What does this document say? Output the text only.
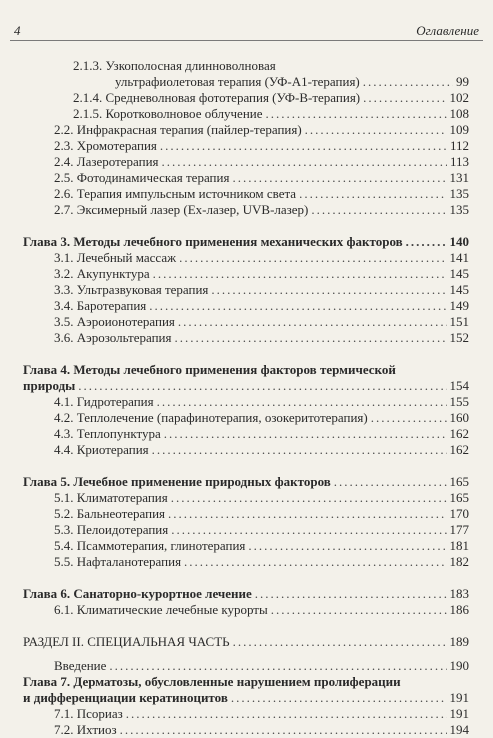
4	Оглавление
2.1.3. Узкополосная длинноволновая
ультрафиолетовая терапия (УФ-А1-терапия) .....	99
2.1.4. Средневолновая фототерапия (УФ-В-терапия) .....	102
2.1.5. Коротковолновое облучение .....	108
2.2. Инфракрасная терапия (пайлер-терапия) .....	109
2.3. Хромотерапия .....	112
2.4. Лазеротерапия .....	113
2.5. Фотодинамическая терапия .....	131
2.6. Терапия импульсным источником света .....	135
2.7. Эксимерный лазер (Ex-лазер, UVB-лазер) .....	135
Глава 3. Методы лечебного применения механических факторов .....	140
3.1. Лечебный массаж .....	141
3.2. Акупунктура .....	145
3.3. Ультразвуковая терапия .....	145
3.4. Баротерапия .....	149
3.5. Аэроионотерапия .....	151
3.6. Аэрозольтерапия .....	152
Глава 4. Методы лечебного применения факторов термической
природы .....	154
4.1. Гидротерапия .....	155
4.2. Теплолечение (парафинотерапия, озокеритотерапия) .....	160
4.3. Теплопунктура .....	162
4.4. Криотерапия .....	162
Глава 5. Лечебное применение природных факторов .....	165
5.1. Климатотерапия .....	165
5.2. Бальнеотерапия .....	170
5.3. Пелоидотерапия .....	177
5.4. Псаммотерапия, глинотерапия .....	181
5.5. Нафталанотерапия .....	182
Глава 6. Санаторно-курортное лечение .....	183
6.1. Климатические лечебные курорты .....	186
РАЗДЕЛ II. СПЕЦИАЛЬНАЯ ЧАСТЬ .....	189
Введение .....	190
Глава 7. Дерматозы, обусловленные нарушением пролиферации
и дифференциации кератиноцитов .....	191
7.1. Псориаз .....	191
7.2. Ихтиоз .....	194
